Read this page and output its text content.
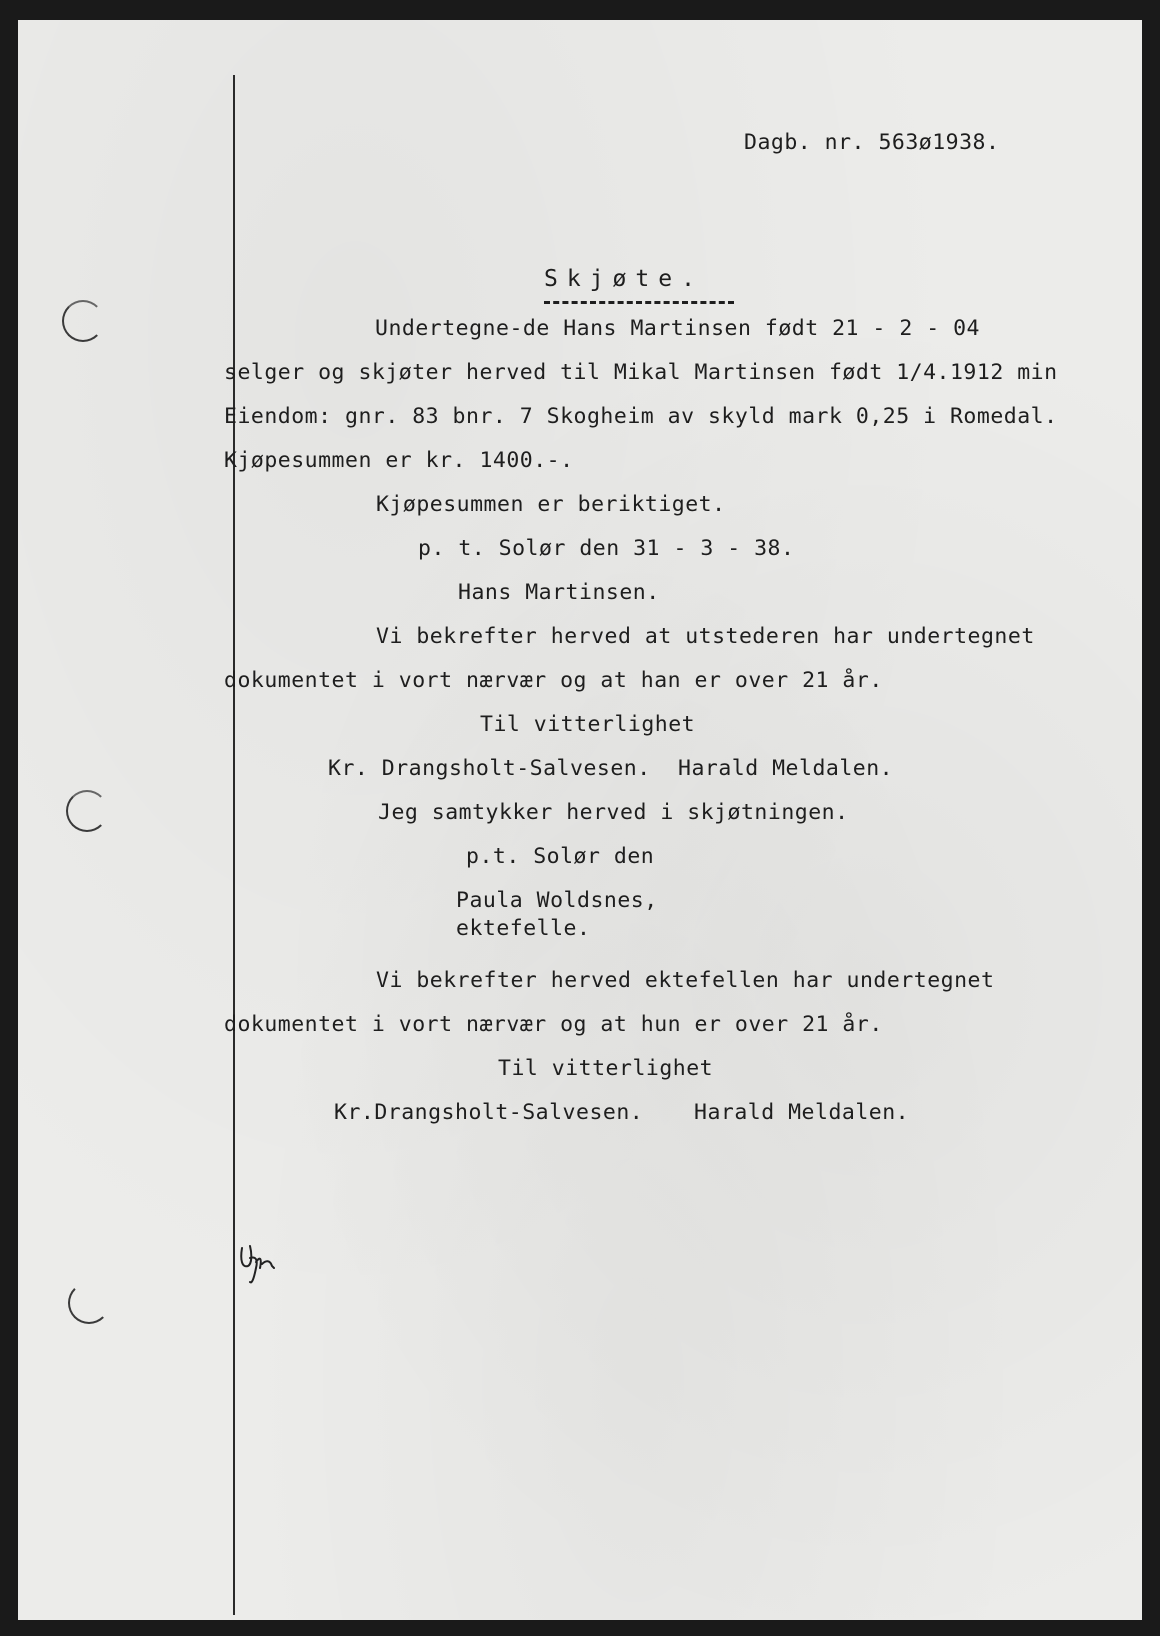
Dagb. nr. 563ø1938.
Skjøte.
Undertegne-de Hans Martinsen født 21 - 2 - 04
selger og skjøter herved til Mikal Martinsen født 1/4.1912 min
Eiendom: gnr. 83 bnr. 7 Skogheim av skyld mark 0,25 i Romedal.
Kjøpesummen er kr. 1400.-.
Kjøpesummen er beriktiget.
p. t. Solør den 31 - 3 - 38.
Hans Martinsen.
Vi bekrefter herved at utstederen har undertegnet
dokumentet i vort nærvær og at han er over 21 år.
Til vitterlighet
Kr. Drangsholt-Salvesen. Harald Meldalen.
Jeg samtykker herved i skjøtningen.
p.t. Solør den
Paula Woldsnes,
ektefelle.
Vi bekrefter herved ektefellen har undertegnet
dokumentet i vort nærvær og at hun er over 21 år.
Til vitterlighet
Kr.Drangsholt-Salvesen. Harald Meldalen.
